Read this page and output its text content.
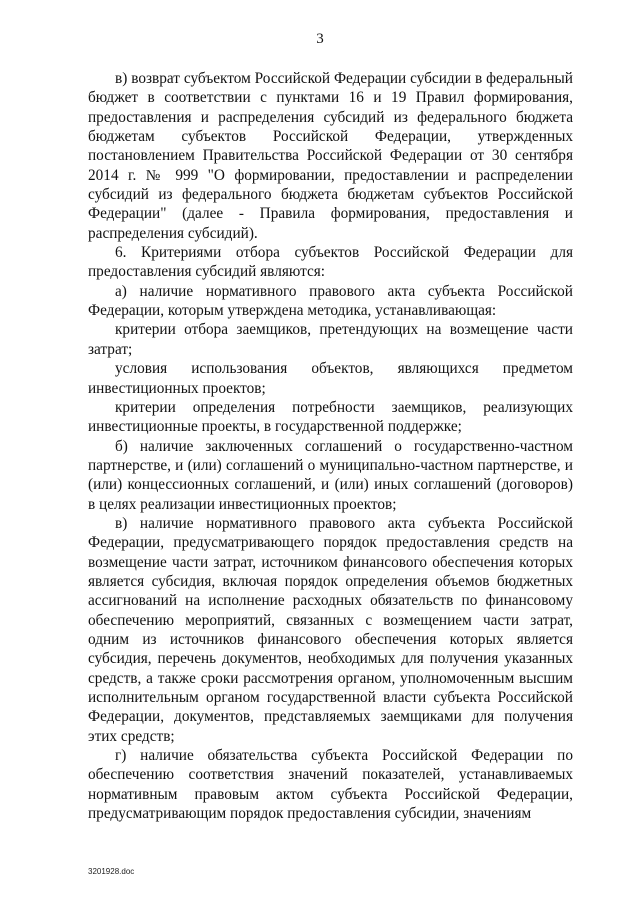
3

в) возврат субъектом Российской Федерации субсидии в федеральный бюджет в соответствии с пунктами 16 и 19 Правил формирования, предоставления и распределения субсидий из федерального бюджета бюджетам субъектов Российской Федерации, утвержденных постановлением Правительства Российской Федерации от 30 сентября 2014 г. № 999 "О формировании, предоставлении и распределении субсидий из федерального бюджета бюджетам субъектов Российской Федерации" (далее - Правила формирования, предоставления и распределения субсидий).

6. Критериями отбора субъектов Российской Федерации для предоставления субсидий являются:

а) наличие нормативного правового акта субъекта Российской Федерации, которым утверждена методика, устанавливающая:

критерии отбора заемщиков, претендующих на возмещение части затрат;

условия использования объектов, являющихся предметом инвестиционных проектов;

критерии определения потребности заемщиков, реализующих инвестиционные проекты, в государственной поддержке;

б) наличие заключенных соглашений о государственно-частном партнерстве, и (или) соглашений о муниципально-частном партнерстве, и (или) концессионных соглашений, и (или) иных соглашений (договоров) в целях реализации инвестиционных проектов;

в) наличие нормативного правового акта субъекта Российской Федерации, предусматривающего порядок предоставления средств на возмещение части затрат, источником финансового обеспечения которых является субсидия, включая порядок определения объемов бюджетных ассигнований на исполнение расходных обязательств по финансовому обеспечению мероприятий, связанных с возмещением части затрат, одним из источников финансового обеспечения которых является субсидия, перечень документов, необходимых для получения указанных средств, а также сроки рассмотрения органом, уполномоченным высшим исполнительным органом государственной власти субъекта Российской Федерации, документов, представляемых заемщиками для получения этих средств;

г) наличие обязательства субъекта Российской Федерации по обеспечению соответствия значений показателей, устанавливаемых нормативным правовым актом субъекта Российской Федерации, предусматривающим порядок предоставления субсидии, значениям

3201928.doc
